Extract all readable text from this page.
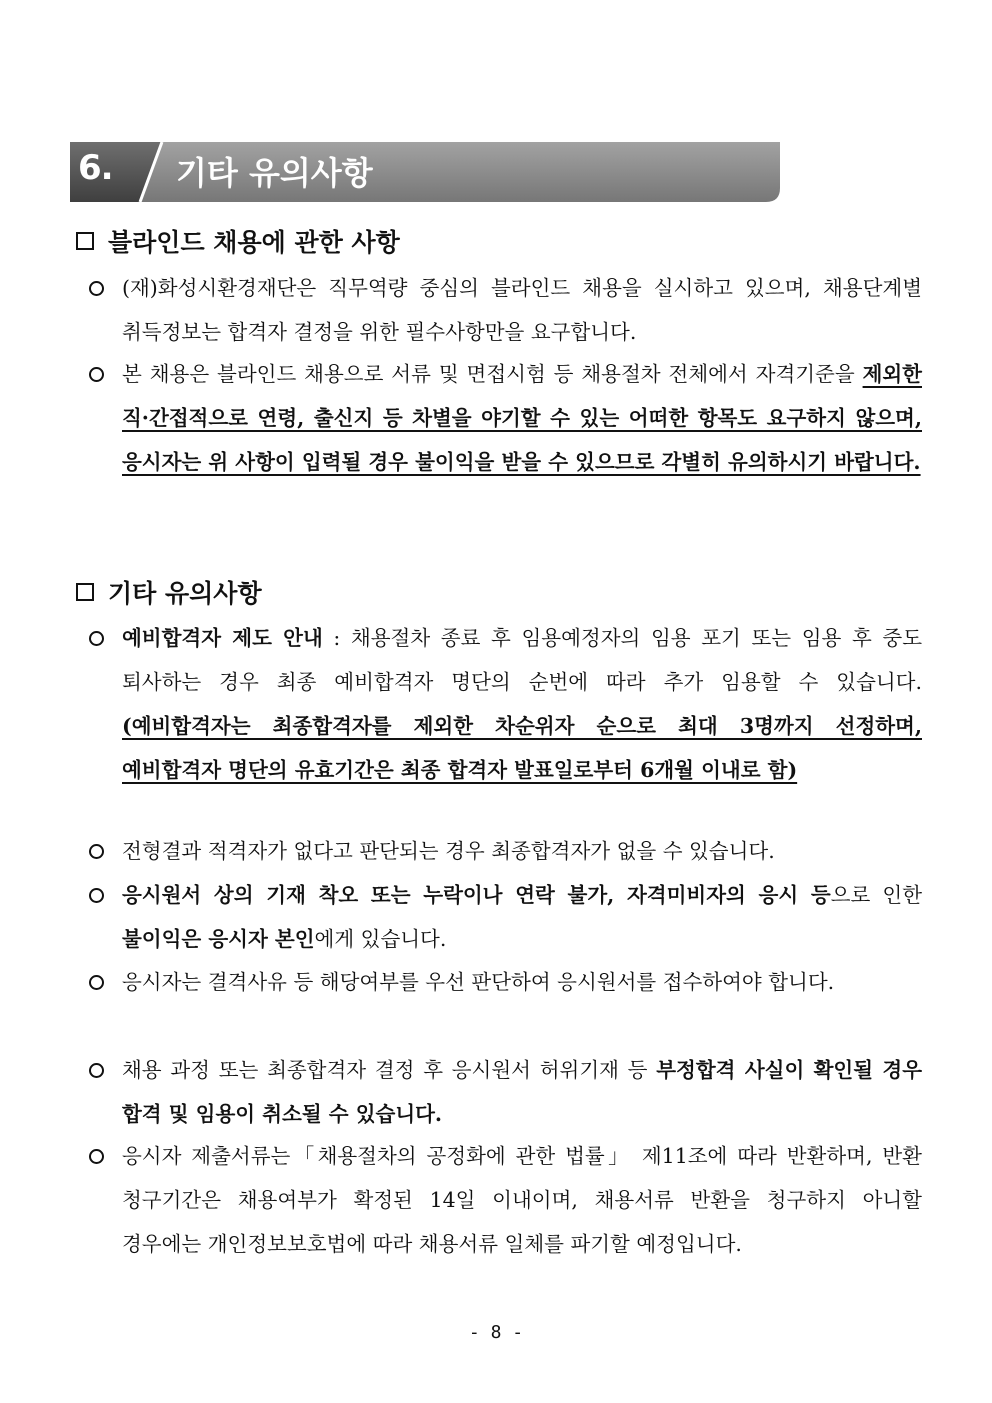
6. 기타 유의사항
블라인드 채용에 관한 사항
(재)화성시환경재단은 직무역량 중심의 블라인드 채용을 실시하고 있으며, 채용단계별 취득정보는 합격자 결정을 위한 필수사항만을 요구합니다.
본 채용은 블라인드 채용으로 서류 및 면접시험 등 채용절차 전체에서 자격기준을 제외한 직·간접적으로 연령, 출신지 등 차별을 야기할 수 있는 어떠한 항목도 요구하지 않으며, 응시자는 위 사항이 입력될 경우 불이익을 받을 수 있으므로 각별히 유의하시기 바랍니다.
기타 유의사항
예비합격자 제도 안내 : 채용절차 종료 후 임용예정자의 임용 포기 또는 임용 후 중도 퇴사하는 경우 최종 예비합격자 명단의 순번에 따라 추가 임용할 수 있습니다. (예비합격자는 최종합격자를 제외한 차순위자 순으로 최대 3명까지 선정하며, 예비합격자 명단의 유효기간은 최종 합격자 발표일로부터 6개월 이내로 함)
전형결과 적격자가 없다고 판단되는 경우 최종합격자가 없을 수 있습니다.
응시원서 상의 기재 착오 또는 누락이나 연락 불가, 자격미비자의 응시 등으로 인한 불이익은 응시자 본인에게 있습니다.
응시자는 결격사유 등 해당여부를 우선 판단하여 응시원서를 접수하여야 합니다.
채용 과정 또는 최종합격자 결정 후 응시원서 허위기재 등 부정합격 사실이 확인될 경우 합격 및 임용이 취소될 수 있습니다.
응시자 제출서류는「채용절차의 공정화에 관한 법률」 제11조에 따라 반환하며, 반환 청구기간은 채용여부가 확정된 14일 이내이며, 채용서류 반환을 청구하지 아니할 경우에는 개인정보보호법에 따라 채용서류 일체를 파기할 예정입니다.
- 8 -
